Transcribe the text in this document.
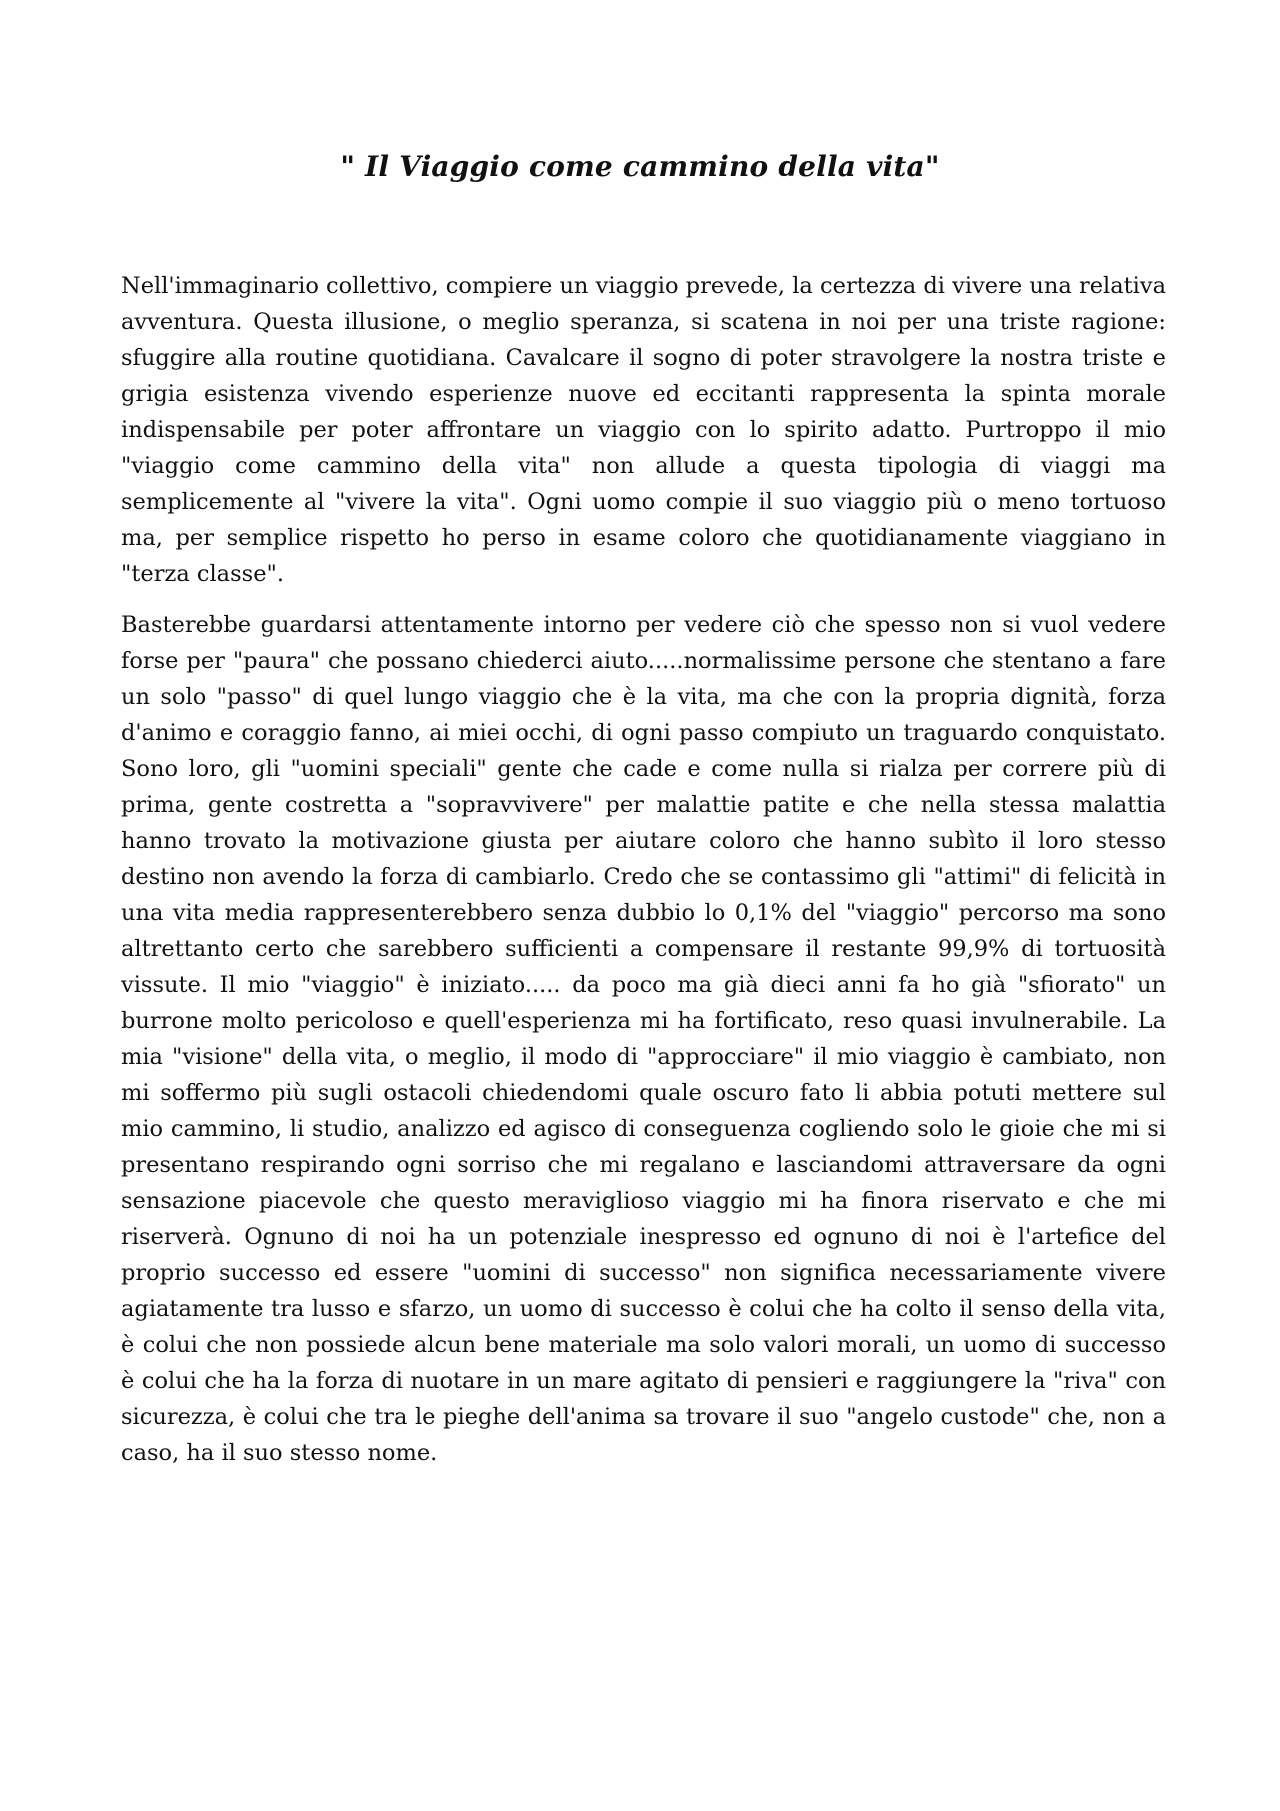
" Il Viaggio come cammino della vita"

Nell'immaginario collettivo, compiere un viaggio prevede, la certezza di vivere una relativa avventura. Questa illusione, o meglio speranza, si scatena in noi per una triste ragione: sfuggire alla routine quotidiana. Cavalcare il sogno di poter stravolgere la nostra triste e grigia esistenza vivendo esperienze nuove ed eccitanti rappresenta la spinta morale indispensabile per poter affrontare un viaggio con lo spirito adatto. Purtroppo il mio "viaggio come cammino della vita" non allude a questa tipologia di viaggi ma semplicemente al "vivere la vita". Ogni uomo compie il suo viaggio più o meno tortuoso ma, per semplice rispetto ho perso in esame coloro che quotidianamente viaggiano in "terza classe".

Basterebbe guardarsi attentamente intorno per vedere ciò che spesso non si vuol vedere forse per "paura" che possano chiederci aiuto.....normalissime persone che stentano a fare un solo "passo" di quel lungo viaggio che è la vita, ma che con la propria dignità, forza d'animo e coraggio fanno, ai miei occhi, di ogni passo compiuto un traguardo conquistato. Sono loro, gli "uomini speciali" gente che cade e come nulla si rialza per correre più di prima, gente costretta a "sopravvivere" per malattie patite e che nella stessa malattia hanno trovato la motivazione giusta per aiutare coloro che hanno subìto il loro stesso destino non avendo la forza di cambiarlo. Credo che se contassimo gli "attimi" di felicità in una vita media rappresenterebbero senza dubbio lo 0,1% del "viaggio" percorso ma sono altrettanto certo che sarebbero sufficienti a compensare il restante 99,9% di tortuosità vissute. Il mio "viaggio" è iniziato..... da poco ma già dieci anni fa ho già "sfiorato" un burrone molto pericoloso e quell'esperienza mi ha fortificato, reso quasi invulnerabile. La mia "visione" della vita, o meglio, il modo di "approcciare" il mio viaggio è cambiato, non mi soffermo più sugli ostacoli chiedendomi quale oscuro fato li abbia potuti mettere sul mio cammino, li studio, analizzo ed agisco di conseguenza cogliendo solo le gioie che mi si presentano respirando ogni sorriso che mi regalano e lasciandomi attraversare da ogni sensazione piacevole che questo meraviglioso viaggio mi ha finora riservato e che mi riserverà. Ognuno di noi ha un potenziale inespresso ed ognuno di noi è l'artefice del proprio successo ed essere "uomini di successo" non significa necessariamente vivere agiatamente tra lusso e sfarzo, un uomo di successo è colui che ha colto il senso della vita, è colui che non possiede alcun bene materiale ma solo valori morali, un uomo di successo è colui che ha la forza di nuotare in un mare agitato di pensieri e raggiungere la "riva" con sicurezza, è colui che tra le pieghe dell'anima sa trovare il suo "angelo custode" che, non a caso, ha il suo stesso nome.
